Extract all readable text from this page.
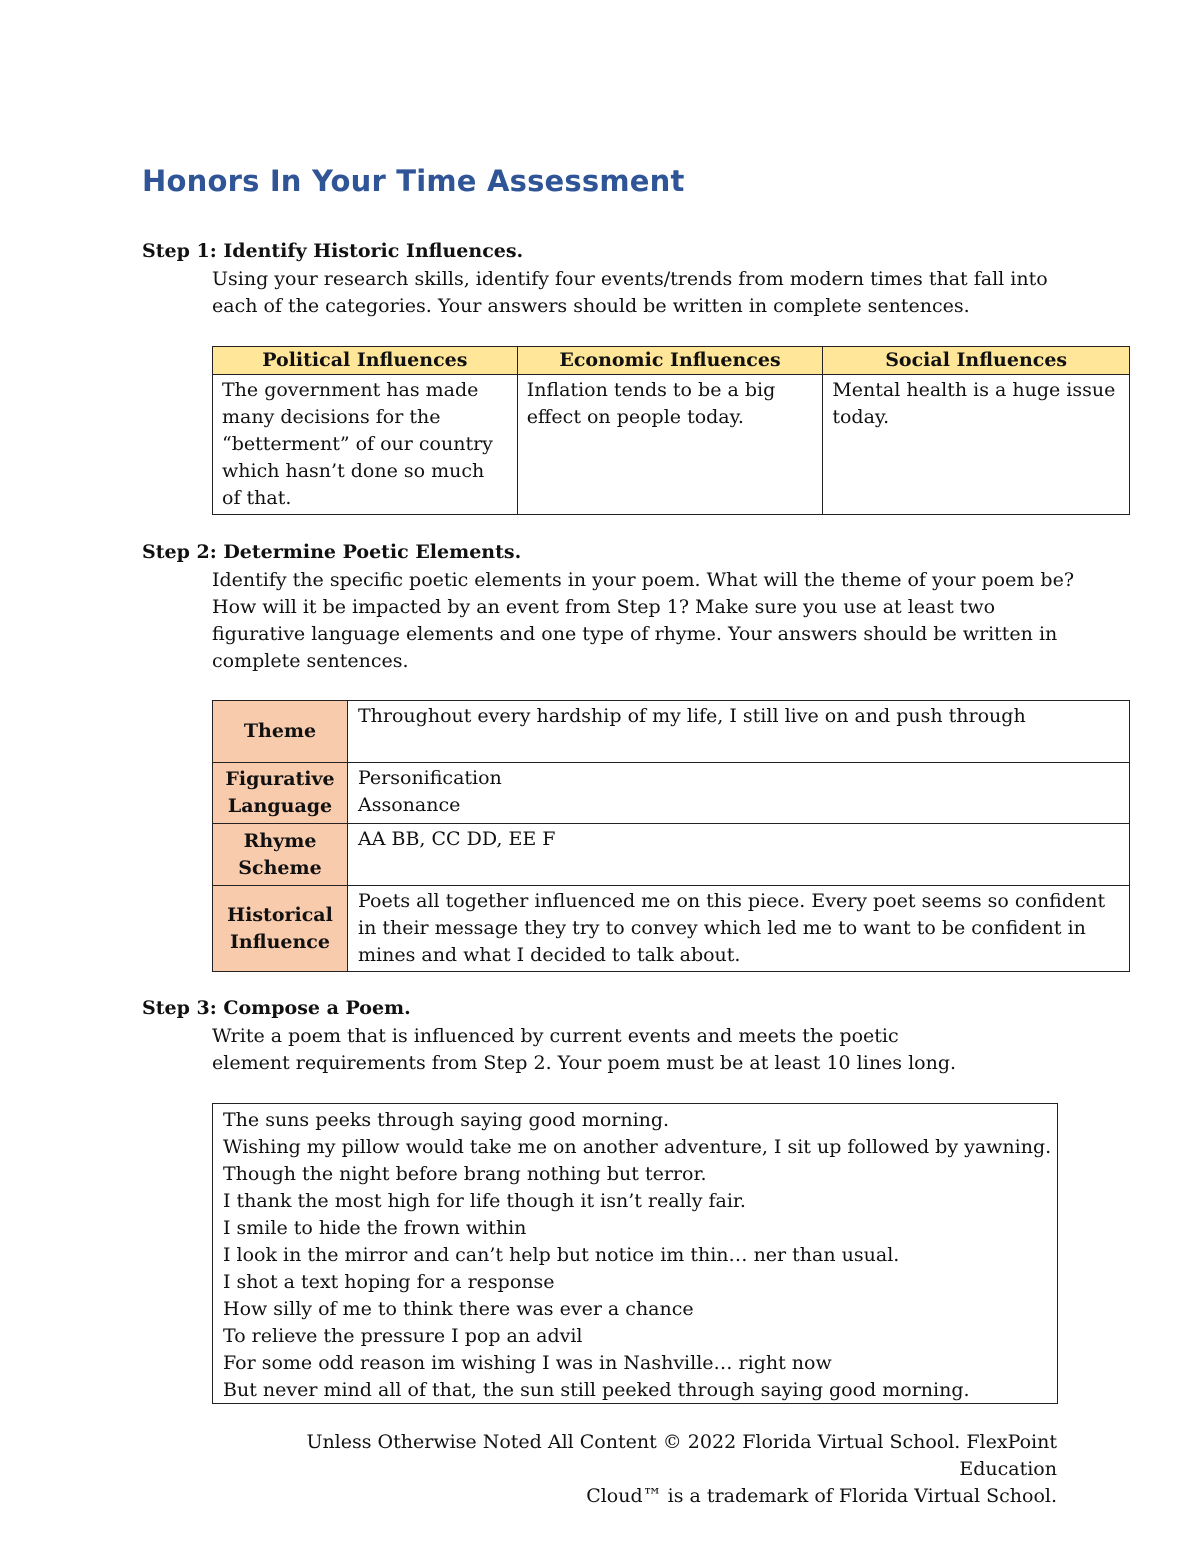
Honors In Your Time Assessment

Step 1: Identify Historic Influences.

Using your research skills, identify four events/trends from modern times that fall into each of the categories. Your answers should be written in complete sentences.

Political Influences	Economic Influences	Social Influences
The government has made many decisions for the “betterment” of our country which hasn’t done so much of that.	Inflation tends to be a big effect on people today.	Mental health is a huge issue today.

Step 2: Determine Poetic Elements.

Identify the specific poetic elements in your poem. What will the theme of your poem be? How will it be impacted by an event from Step 1? Make sure you use at least two figurative language elements and one type of rhyme. Your answers should be written in complete sentences.

Theme	Throughout every hardship of my life, I still live on and push through
Figurative Language	Personification
Assonance
Rhyme Scheme	AA BB, CC DD, EE F
Historical Influence	Poets all together influenced me on this piece. Every poet seems so confident in their message they try to convey which led me to want to be confident in mines and what I decided to talk about.

Step 3: Compose a Poem.

Write a poem that is influenced by current events and meets the poetic element requirements from Step 2. Your poem must be at least 10 lines long.

The suns peeks through saying good morning.
Wishing my pillow would take me on another adventure, I sit up followed by yawning.
Though the night before brang nothing but terror.
I thank the most high for life though it isn’t really fair.
I smile to hide the frown within
I look in the mirror and can’t help but notice im thin… ner than usual.
I shot a text hoping for a response
How silly of me to think there was ever a chance
To relieve the pressure I pop an advil
For some odd reason im wishing I was in Nashville… right now
But never mind all of that, the sun still peeked through saying good morning.

Unless Otherwise Noted All Content © 2022 Florida Virtual School. FlexPoint Education
Cloud™ is a trademark of Florida Virtual School.
